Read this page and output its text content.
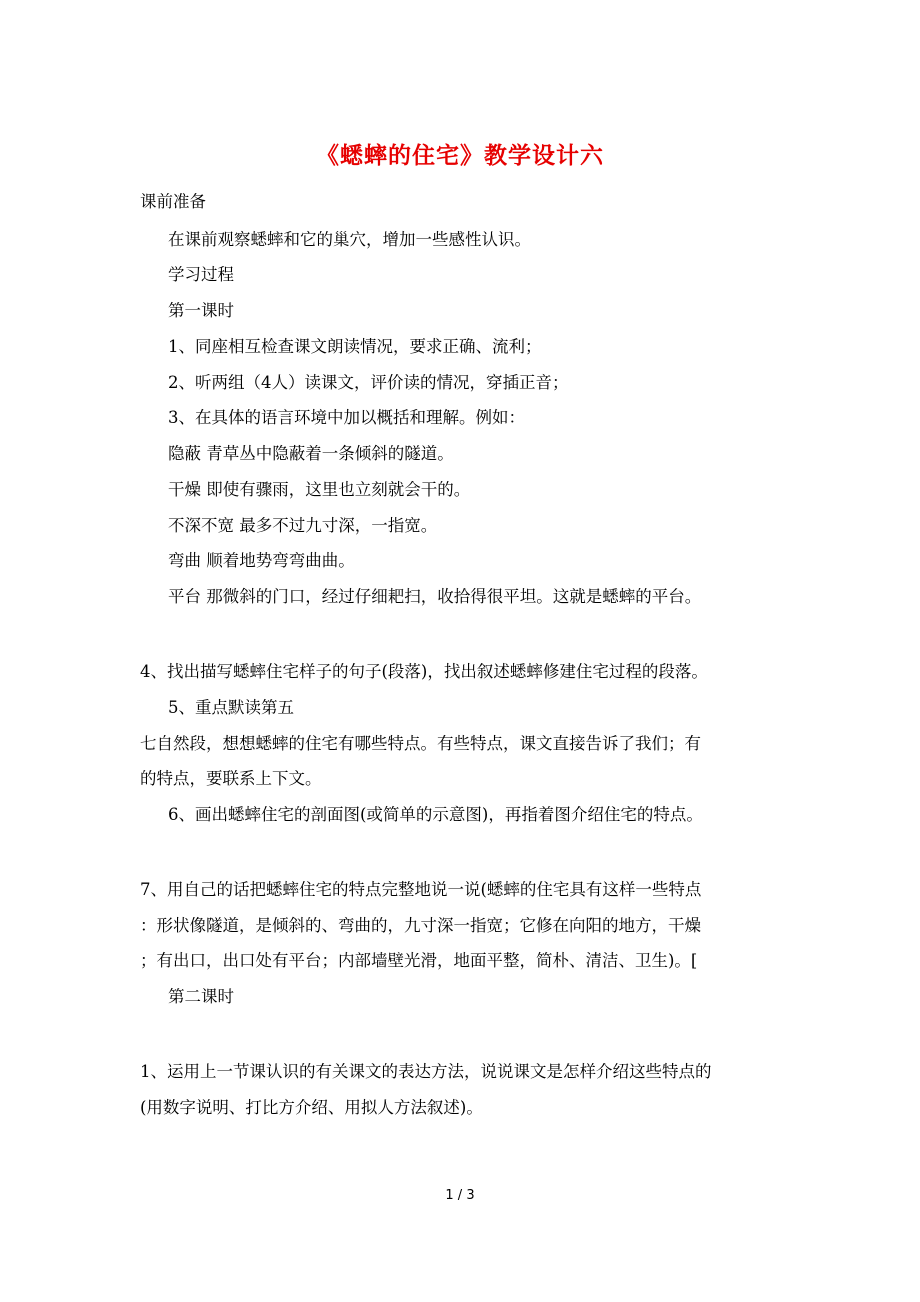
《蟋蟀的住宅》教学设计六
课前准备
在课前观察蟋蟀和它的巢穴，增加一些感性认识。
学习过程
第一课时
1、同座相互检查课文朗读情况，要求正确、流利；
2、听两组（4人）读课文，评价读的情况，穿插正音；
3、在具体的语言环境中加以概括和理解。例如：
隐蔽 青草丛中隐蔽着一条倾斜的隧道。
干燥 即使有骤雨，这里也立刻就会干的。
不深不宽 最多不过九寸深，一指宽。
弯曲 顺着地势弯弯曲曲。
平台 那微斜的门口，经过仔细耙扫，收拾得很平坦。这就是蟋蟀的平台。
4、找出描写蟋蟀住宅样子的句子(段落)，找出叙述蟋蟀修建住宅过程的段落。
5、重点默读第五
七自然段，想想蟋蟀的住宅有哪些特点。有些特点，课文直接告诉了我们；有
的特点，要联系上下文。
6、画出蟋蟀住宅的剖面图(或简单的示意图)，再指着图介绍住宅的特点。
7、用自己的话把蟋蟀住宅的特点完整地说一说(蟋蟀的住宅具有这样一些特点
：形状像隧道，是倾斜的、弯曲的，九寸深一指宽；它修在向阳的地方，干燥
；有出口，出口处有平台；内部墙壁光滑，地面平整，简朴、清洁、卫生)。[
第二课时
1、运用上一节课认识的有关课文的表达方法，说说课文是怎样介绍这些特点的
(用数字说明、打比方介绍、用拟人方法叙述)。
1 / 3
